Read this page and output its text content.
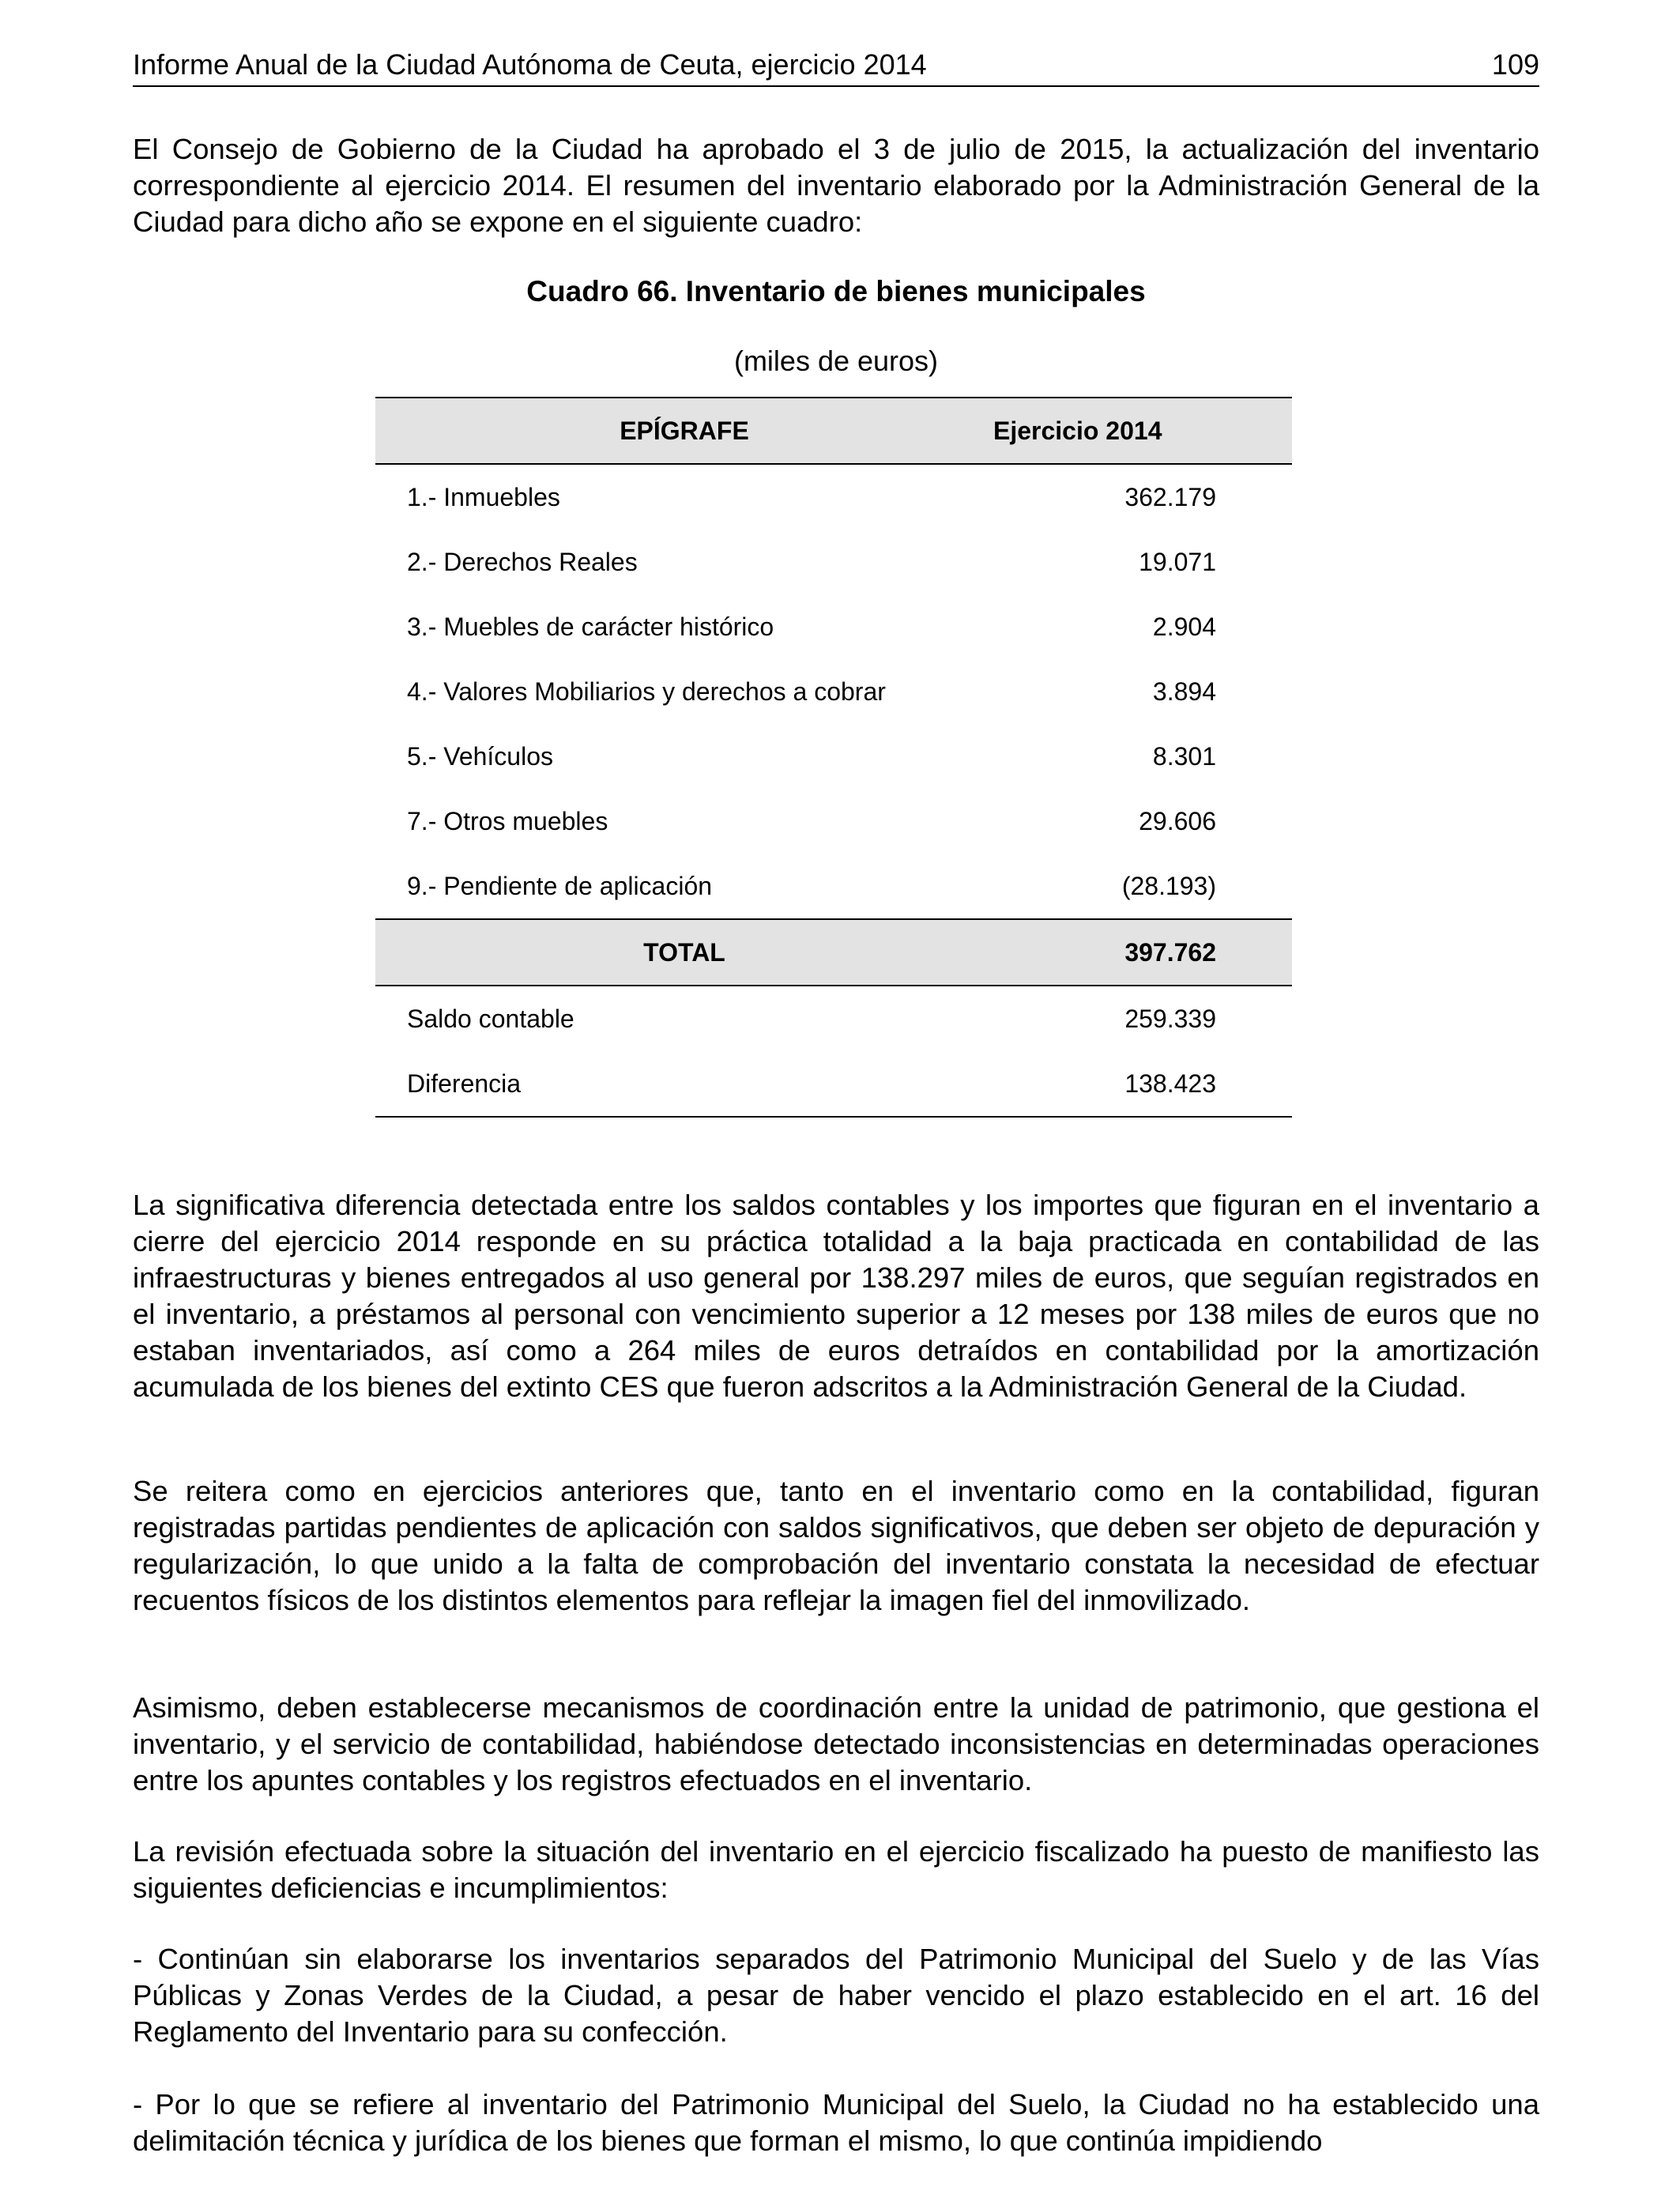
Informe Anual de la Ciudad Autónoma de Ceuta, ejercicio 2014	109

El Consejo de Gobierno de la Ciudad ha aprobado el 3 de julio de 2015, la actualización del inventario correspondiente al ejercicio 2014. El resumen del inventario elaborado por la Administración General de la Ciudad para dicho año se expone en el siguiente cuadro:

Cuadro 66. Inventario de bienes municipales
(miles de euros)
EPÍGRAFE	Ejercicio 2014
1.- Inmuebles	362.179
2.- Derechos Reales	19.071
3.- Muebles de carácter histórico	2.904
4.- Valores Mobiliarios y derechos a cobrar	3.894
5.- Vehículos	8.301
7.- Otros muebles	29.606
9.- Pendiente de aplicación	(28.193)
TOTAL	397.762
Saldo contable	259.339
Diferencia	138.423

La significativa diferencia detectada entre los saldos contables y los importes que figuran en el inventario a cierre del ejercicio 2014 responde en su práctica totalidad a la baja practicada en contabilidad de las infraestructuras y bienes entregados al uso general por 138.297 miles de euros, que seguían registrados en el inventario, a préstamos al personal con vencimiento superior a 12 meses por 138 miles de euros que no estaban inventariados, así como a 264 miles de euros detraídos en contabilidad por la amortización acumulada de los bienes del extinto CES que fueron adscritos a la Administración General de la Ciudad.

Se reitera como en ejercicios anteriores que, tanto en el inventario como en la contabilidad, figuran registradas partidas pendientes de aplicación con saldos significativos, que deben ser objeto de depuración y regularización, lo que unido a la falta de comprobación del inventario constata la necesidad de efectuar recuentos físicos de los distintos elementos para reflejar la imagen fiel del inmovilizado.

Asimismo, deben establecerse mecanismos de coordinación entre la unidad de patrimonio, que gestiona el inventario, y el servicio de contabilidad, habiéndose detectado inconsistencias en determinadas operaciones entre los apuntes contables y los registros efectuados en el inventario.

La revisión efectuada sobre la situación del inventario en el ejercicio fiscalizado ha puesto de manifiesto las siguientes deficiencias e incumplimientos:

- Continúan sin elaborarse los inventarios separados del Patrimonio Municipal del Suelo y de las Vías Públicas y Zonas Verdes de la Ciudad, a pesar de haber vencido el plazo establecido en el art. 16 del Reglamento del Inventario para su confección.

- Por lo que se refiere al inventario del Patrimonio Municipal del Suelo, la Ciudad no ha establecido una delimitación técnica y jurídica de los bienes que forman el mismo, lo que continúa impidiendo
